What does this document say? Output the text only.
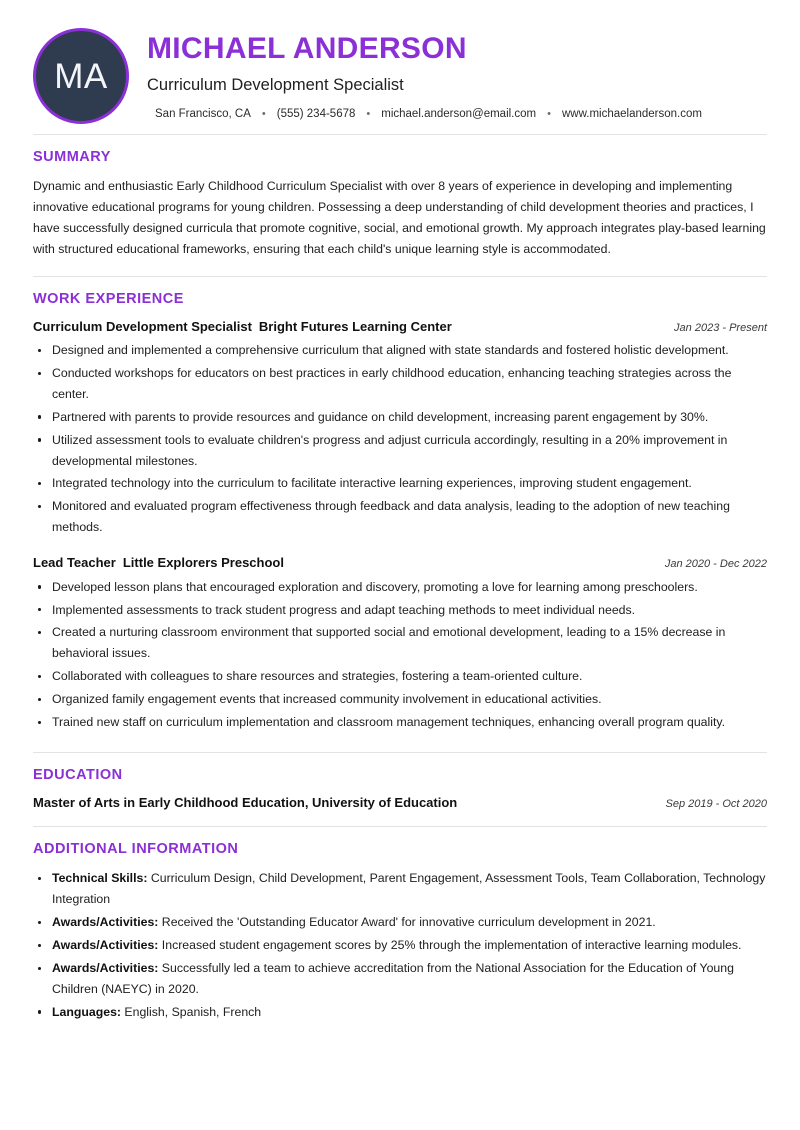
MA
MICHAEL ANDERSON
Curriculum Development Specialist
San Francisco, CA	• (555) 234-5678	• michael.anderson@email.com	• www.michaelanderson.com
SUMMARY

Dynamic and enthusiastic Early Childhood Curriculum Specialist with over 8 years of experience in developing and implementing innovative educational programs for young children. Possessing a deep understanding of child development theories and practices, I have successfully designed curricula that promote cognitive, social, and emotional growth. My approach integrates play-based learning with structured educational frameworks, ensuring that each child's unique learning style is accommodated.

WORK EXPERIENCE
Curriculum Development Specialist Bright Futures Learning Center	Jan 2023 - Present
Designed and implemented a comprehensive curriculum that aligned with state standards and fostered holistic development.
Conducted workshops for educators on best practices in early childhood education, enhancing teaching strategies across the center.
Partnered with parents to provide resources and guidance on child development, increasing parent engagement by 30%.
Utilized assessment tools to evaluate children's progress and adjust curricula accordingly, resulting in a 20% improvement in developmental milestones.
Integrated technology into the curriculum to facilitate interactive learning experiences, improving student engagement.
Monitored and evaluated program effectiveness through feedback and data analysis, leading to the adoption of new teaching methods.
Lead Teacher Little Explorers Preschool	Jan 2020 - Dec 2022
Developed lesson plans that encouraged exploration and discovery, promoting a love for learning among preschoolers.
Implemented assessments to track student progress and adapt teaching methods to meet individual needs.
Created a nurturing classroom environment that supported social and emotional development, leading to a 15% decrease in behavioral issues.
Collaborated with colleagues to share resources and strategies, fostering a team-oriented culture.
Organized family engagement events that increased community involvement in educational activities.
Trained new staff on curriculum implementation and classroom management techniques, enhancing overall program quality.
EDUCATION
Master of Arts in Early Childhood Education, University of Education	Sep 2019 - Oct 2020
ADDITIONAL INFORMATION
Technical Skills: Curriculum Design, Child Development, Parent Engagement, Assessment Tools, Team Collaboration, Technology Integration
Awards/Activities: Received the 'Outstanding Educator Award' for innovative curriculum development in 2021.
Awards/Activities: Increased student engagement scores by 25% through the implementation of interactive learning modules.
Awards/Activities: Successfully led a team to achieve accreditation from the National Association for the Education of Young Children (NAEYC) in 2020.
Languages: English, Spanish, French
